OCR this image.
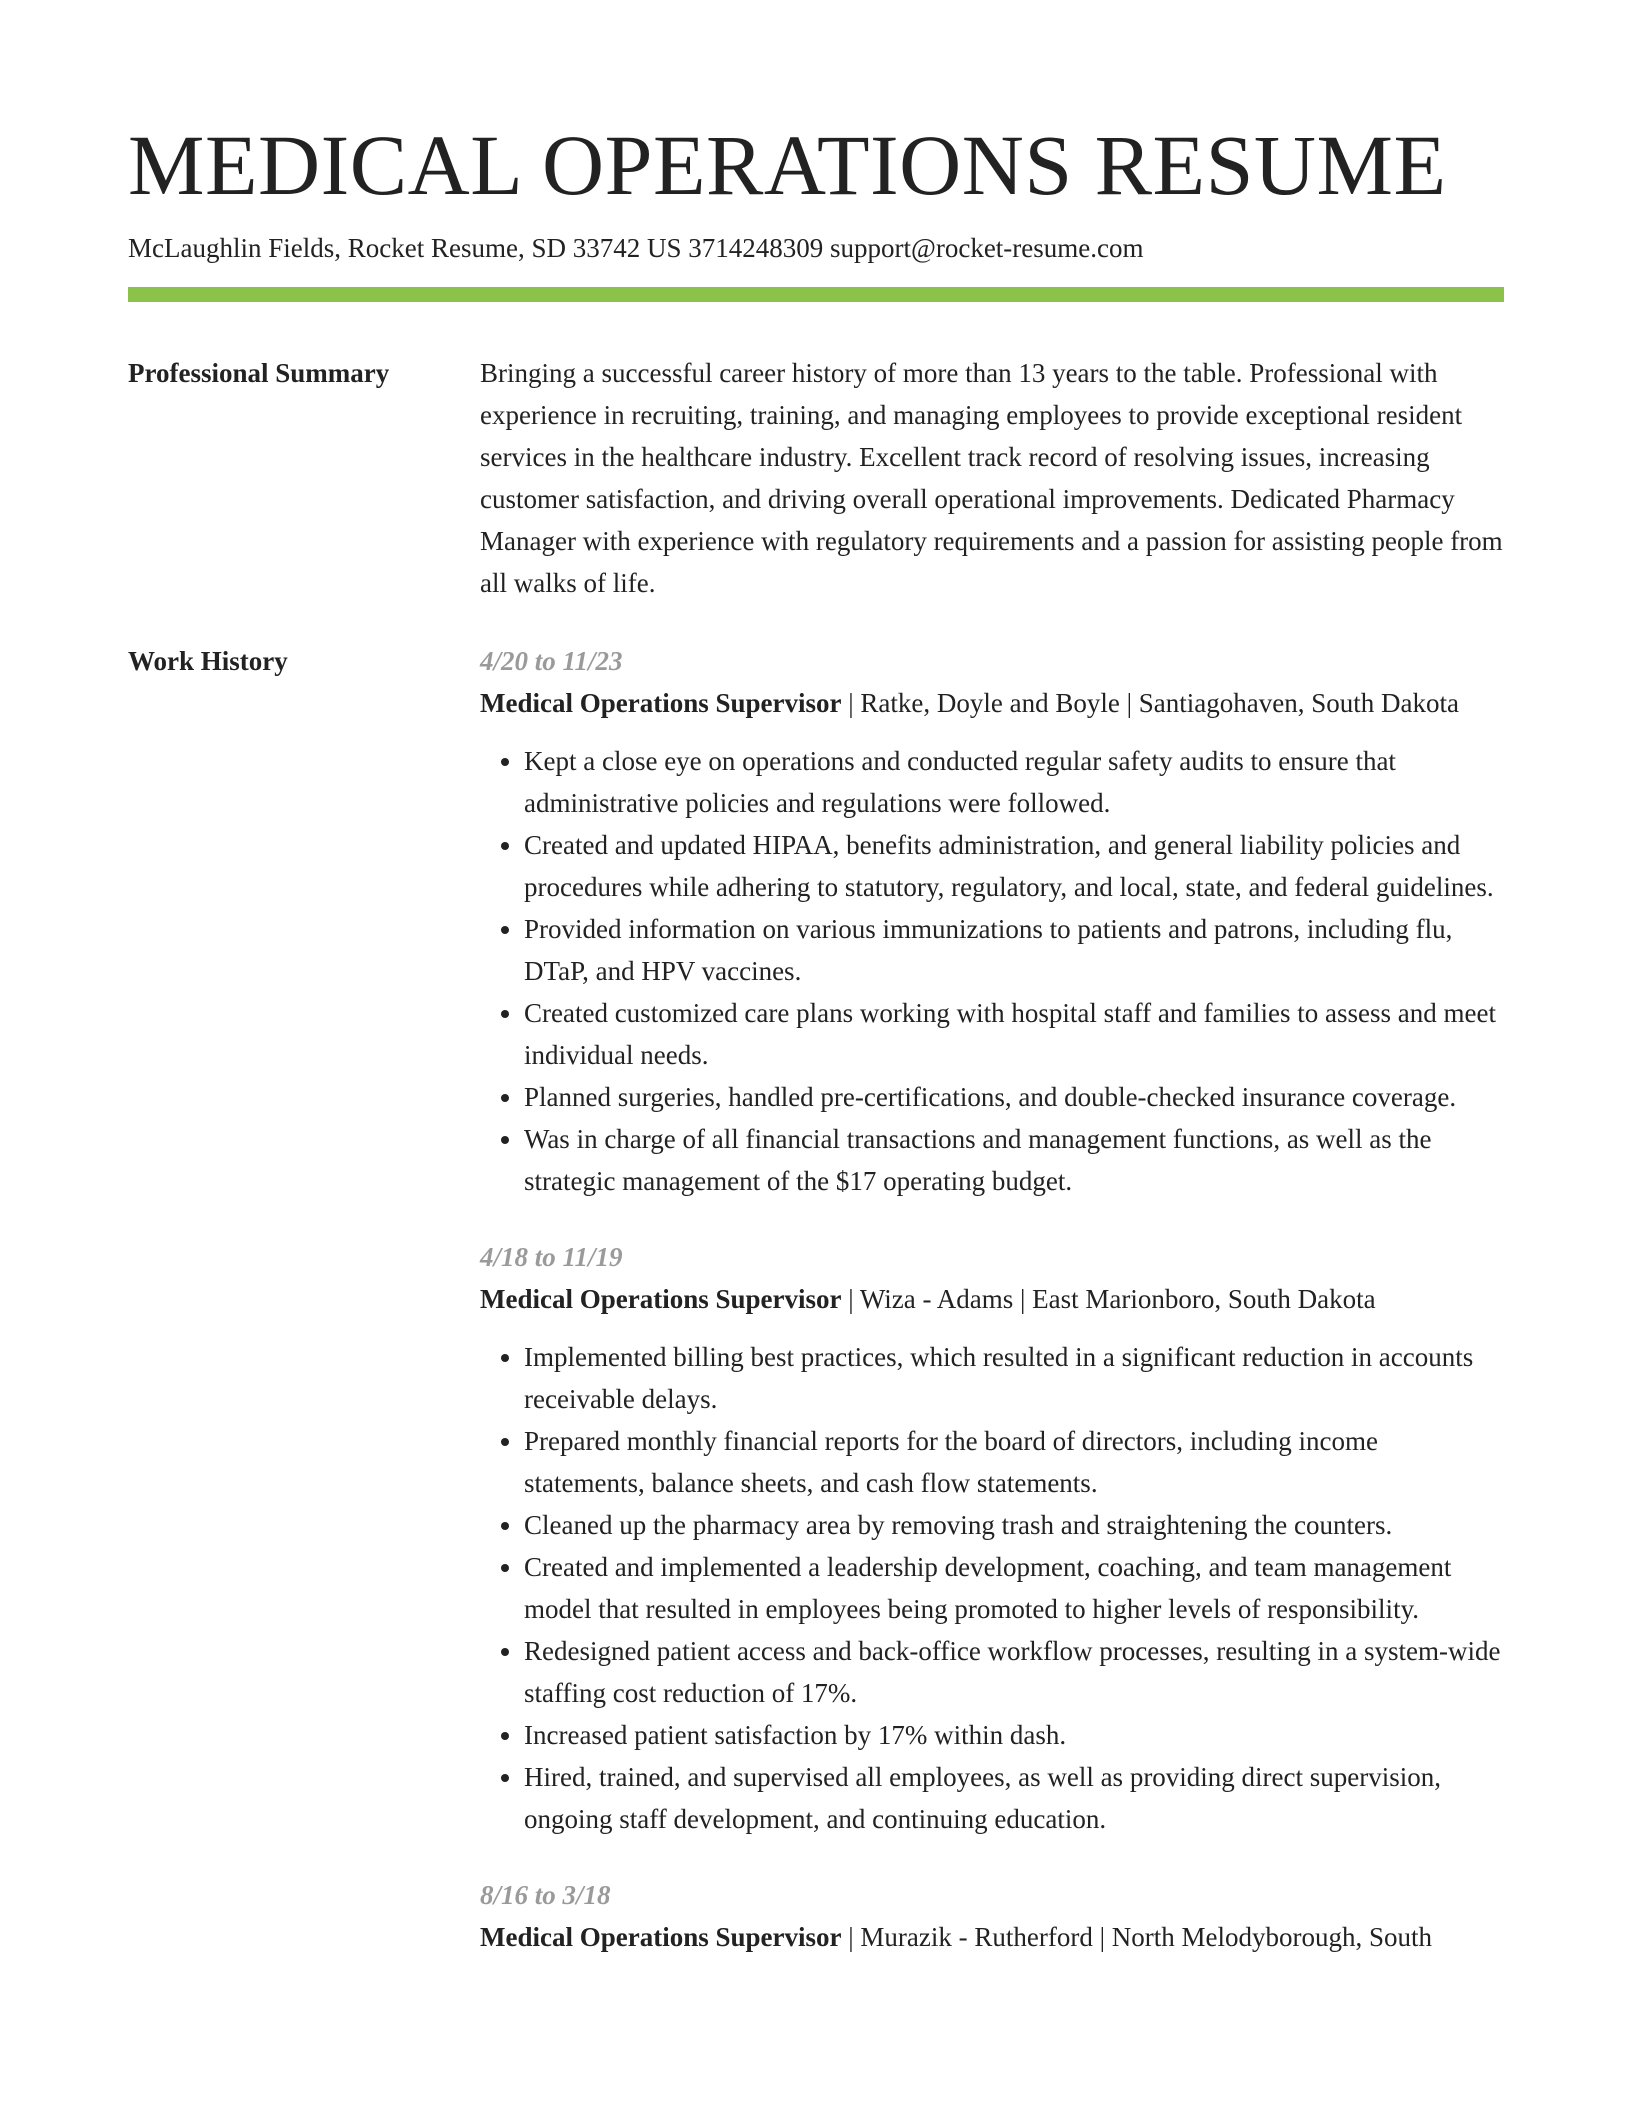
MEDICAL OPERATIONS RESUME
McLaughlin Fields, Rocket Resume, SD 33742 US 3714248309 support@rocket-resume.com
Professional Summary	Bringing a successful career history of more than 13 years to the table. Professional with experience in recruiting, training, and managing employees to provide exceptional resident services in the healthcare industry. Excellent track record of resolving issues, increasing customer satisfaction, and driving overall operational improvements. Dedicated Pharmacy Manager with experience with regulatory requirements and a passion for assisting people from all walks of life.
Work History	4/20 to 11/23
Medical Operations Supervisor | Ratke, Doyle and Boyle | Santiagohaven, South Dakota
• Kept a close eye on operations and conducted regular safety audits to ensure that administrative policies and regulations were followed.
• Created and updated HIPAA, benefits administration, and general liability policies and procedures while adhering to statutory, regulatory, and local, state, and federal guidelines.
• Provided information on various immunizations to patients and patrons, including flu, DTaP, and HPV vaccines.
• Created customized care plans working with hospital staff and families to assess and meet individual needs.
• Planned surgeries, handled pre-certifications, and double-checked insurance coverage.
• Was in charge of all financial transactions and management functions, as well as the strategic management of the $17 operating budget.
4/18 to 11/19
Medical Operations Supervisor | Wiza - Adams | East Marionboro, South Dakota
• Implemented billing best practices, which resulted in a significant reduction in accounts receivable delays.
• Prepared monthly financial reports for the board of directors, including income statements, balance sheets, and cash flow statements.
• Cleaned up the pharmacy area by removing trash and straightening the counters.
• Created and implemented a leadership development, coaching, and team management model that resulted in employees being promoted to higher levels of responsibility.
• Redesigned patient access and back-office workflow processes, resulting in a system-wide staffing cost reduction of 17%.
• Increased patient satisfaction by 17% within dash.
• Hired, trained, and supervised all employees, as well as providing direct supervision, ongoing staff development, and continuing education.
8/16 to 3/18
Medical Operations Supervisor | Murazik - Rutherford | North Melodyborough, South
